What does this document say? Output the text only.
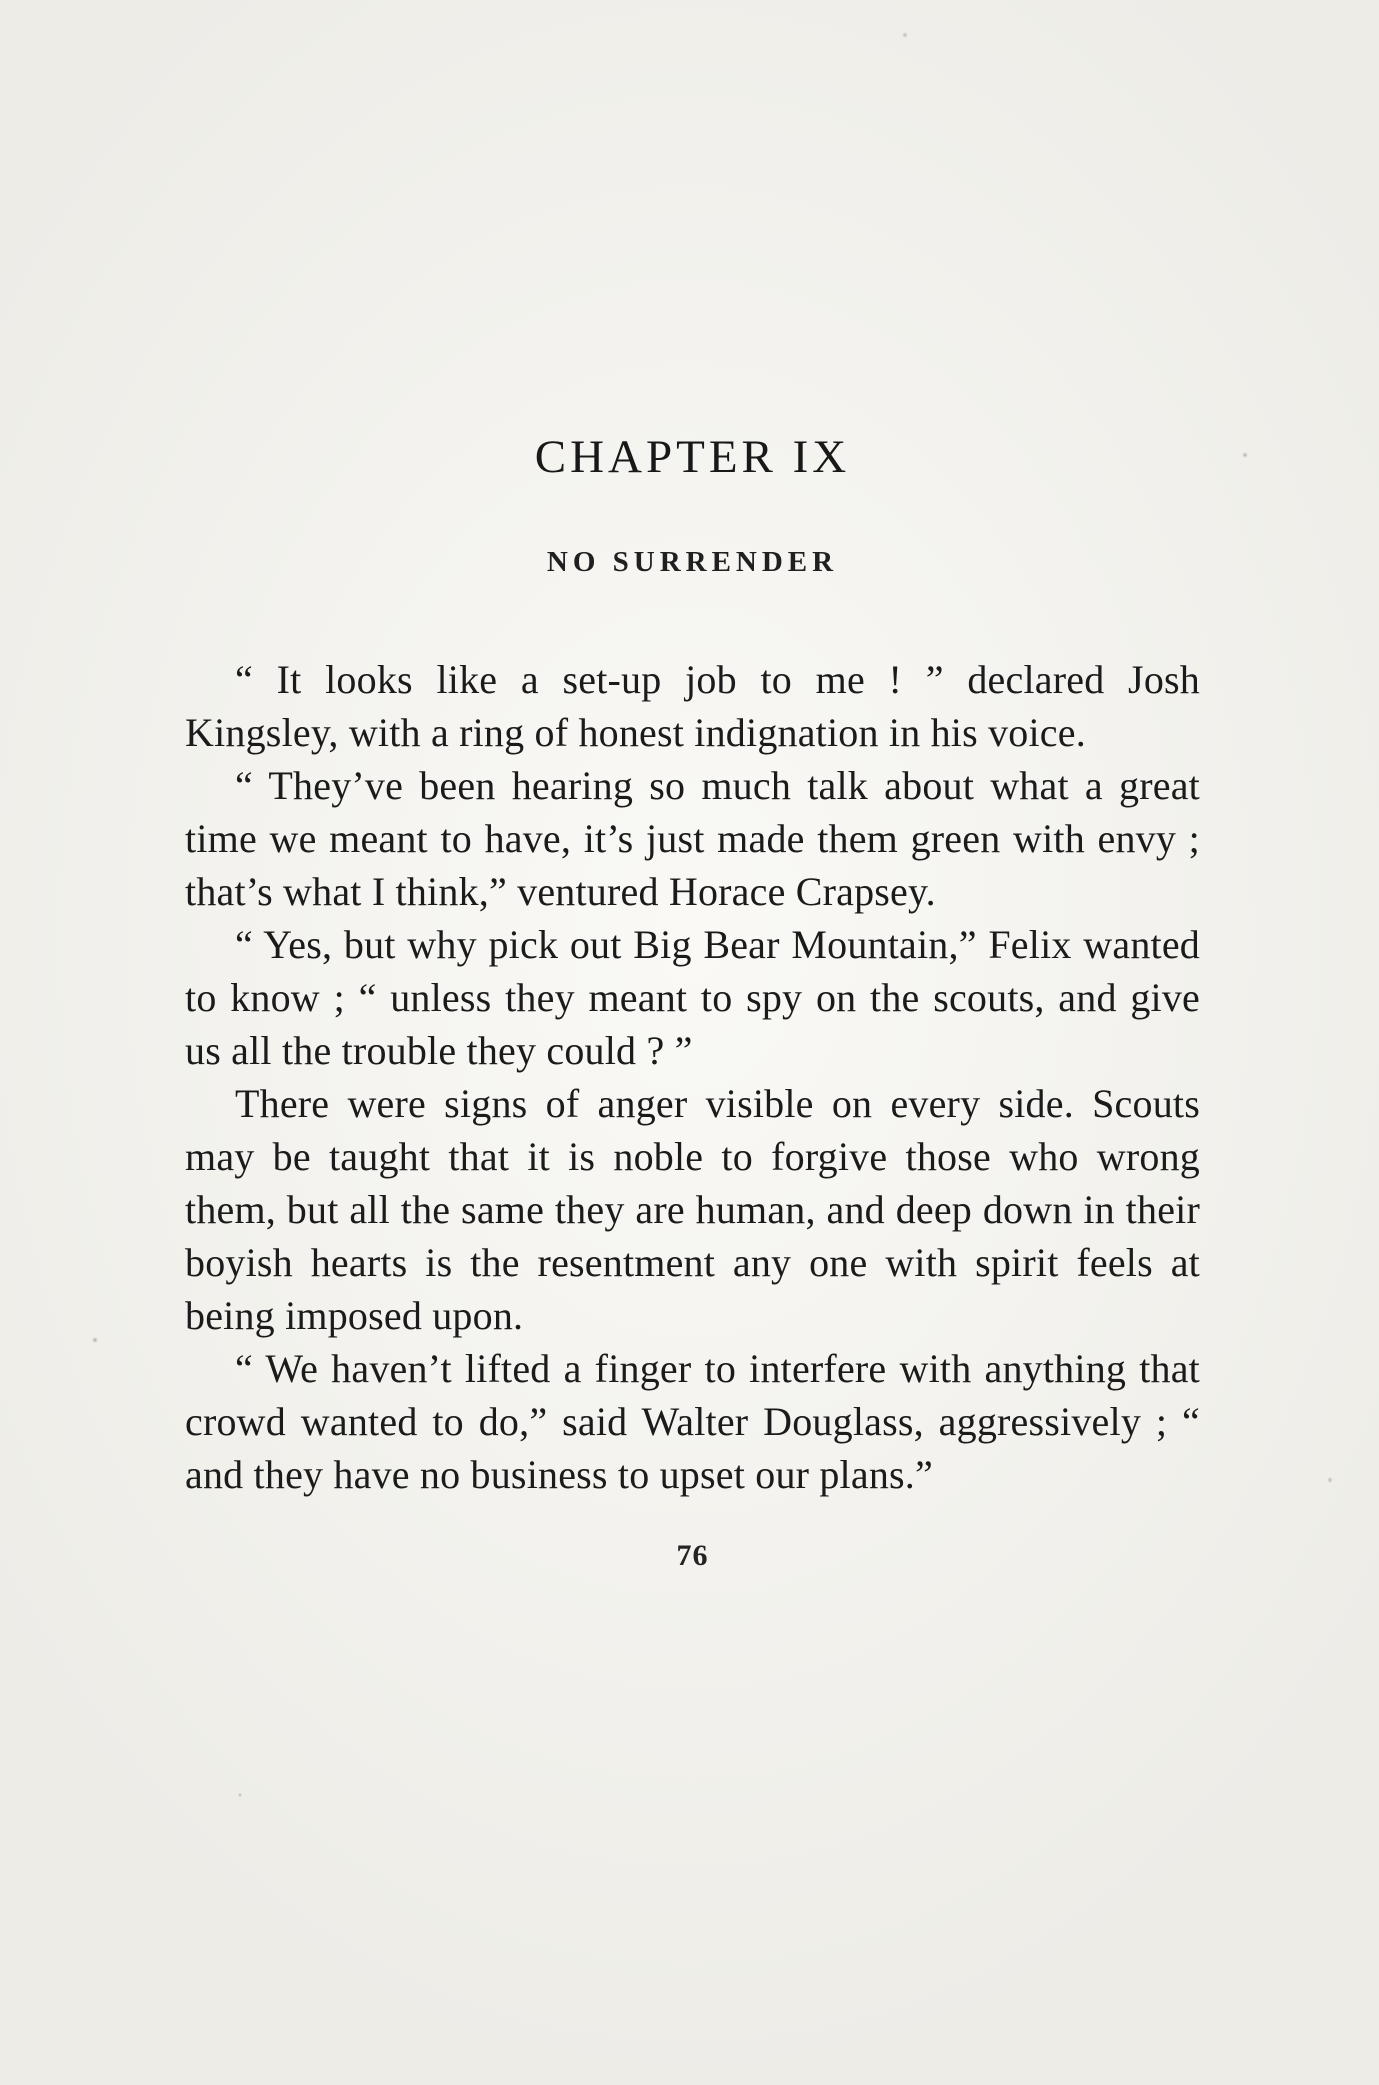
CHAPTER IX
NO SURRENDER

“ It looks like a set-up job to me ! ” declared Josh Kingsley, with a ring of honest indignation in his voice.

“ They’ve been hearing so much talk about what a great time we meant to have, it’s just made them green with envy ; that’s what I think,” ventured Horace Crapsey.

“ Yes, but why pick out Big Bear Mountain,” Felix wanted to know ; “ unless they meant to spy on the scouts, and give us all the trouble they could ? ”

There were signs of anger visible on every side. Scouts may be taught that it is noble to forgive those who wrong them, but all the same they are human, and deep down in their boyish hearts is the resentment any one with spirit feels at being imposed upon.

“ We haven’t lifted a finger to interfere with anything that crowd wanted to do,” said Walter Douglass, aggressively ; “ and they have no business to upset our plans.”

76
